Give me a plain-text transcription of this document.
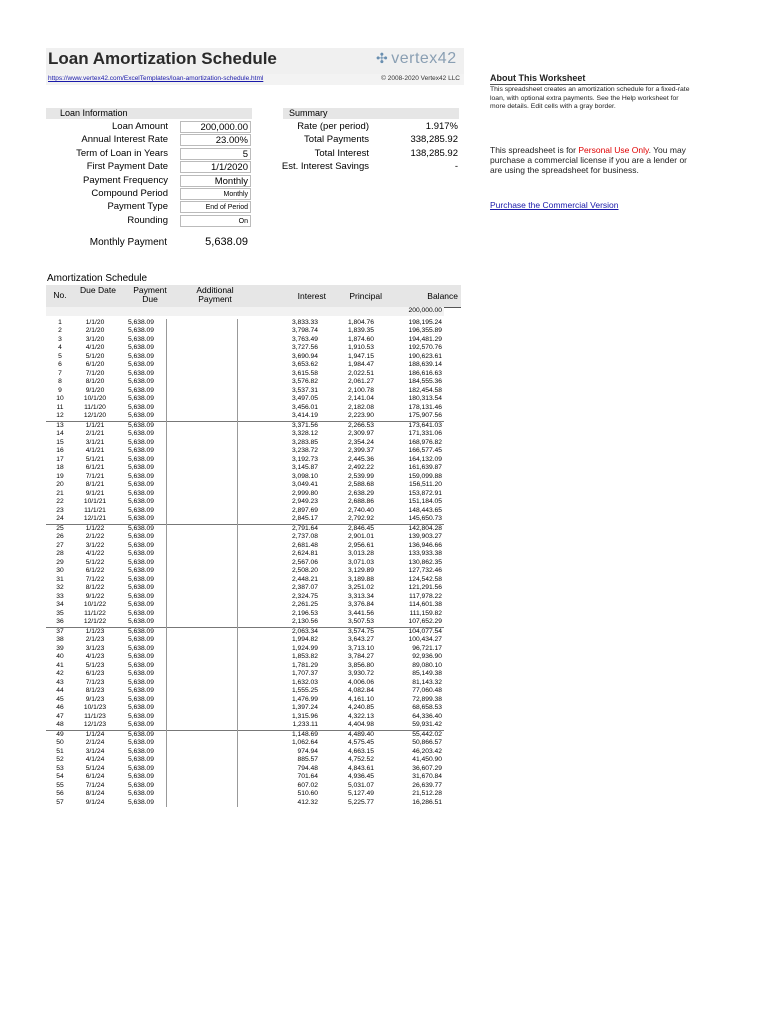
Loan Amortization Schedule	✣ vertex42
https://www.vertex42.com/ExcelTemplates/loan-amortization-schedule.html	© 2008-2020 Vertex42 LLC
Loan Information
Loan Amount	200,000.00
Annual Interest Rate	23.00%
Term of Loan in Years	5
First Payment Date	1/1/2020
Payment Frequency	Monthly
Compound Period	Monthly
Payment Type	End of Period
Rounding	On
Monthly Payment	5,638.09
Summary
Rate (per period)	1.917%
Total Payments	338,285.92
Total Interest	138,285.92
Est. Interest Savings	-
About This Worksheet
This spreadsheet creates an amortization schedule for a fixed-rate loan, with optional extra payments. See the Help worksheet for more details. Edit cells with a gray border.
This spreadsheet is for Personal Use Only. You may purchase a commercial license if you are a lender or are using the spreadsheet for business.
Purchase the Commercial Version
Amortization Schedule
No.	Due Date	Payment Due
Additional Payment	Interest	Principal	Balance
						200,000.00

1	1/1/20	5,638.09		3,833.33	1,804.76	198,195.24
2	2/1/20	5,638.09		3,798.74	1,839.35	196,355.89
3	3/1/20	5,638.09		3,763.49	1,874.60	194,481.29
4	4/1/20	5,638.09		3,727.56	1,910.53	192,570.76
5	5/1/20	5,638.09		3,690.94	1,947.15	190,623.61
6	6/1/20	5,638.09		3,653.62	1,984.47	188,639.14
7	7/1/20	5,638.09		3,615.58	2,022.51	186,616.63
8	8/1/20	5,638.09		3,576.82	2,061.27	184,555.36
9	9/1/20	5,638.09		3,537.31	2,100.78	182,454.58
10	10/1/20	5,638.09		3,497.05	2,141.04	180,313.54
11	11/1/20	5,638.09		3,456.01	2,182.08	178,131.46
12	12/1/20	5,638.09		3,414.19	2,223.90	175,907.56
13	1/1/21	5,638.09		3,371.56	2,266.53	173,641.03
14	2/1/21	5,638.09		3,328.12	2,309.97	171,331.06
15	3/1/21	5,638.09		3,283.85	2,354.24	168,976.82
16	4/1/21	5,638.09		3,238.72	2,399.37	166,577.45
17	5/1/21	5,638.09		3,192.73	2,445.36	164,132.09
18	6/1/21	5,638.09		3,145.87	2,492.22	161,639.87
19	7/1/21	5,638.09		3,098.10	2,539.99	159,099.88
20	8/1/21	5,638.09		3,049.41	2,588.68	156,511.20
21	9/1/21	5,638.09		2,999.80	2,638.29	153,872.91
22	10/1/21	5,638.09		2,949.23	2,688.86	151,184.05
23	11/1/21	5,638.09		2,897.69	2,740.40	148,443.65
24	12/1/21	5,638.09		2,845.17	2,792.92	145,650.73
25	1/1/22	5,638.09		2,791.64	2,846.45	142,804.28
26	2/1/22	5,638.09		2,737.08	2,901.01	139,903.27
27	3/1/22	5,638.09		2,681.48	2,956.61	136,946.66
28	4/1/22	5,638.09		2,624.81	3,013.28	133,933.38
29	5/1/22	5,638.09		2,567.06	3,071.03	130,862.35
30	6/1/22	5,638.09		2,508.20	3,129.89	127,732.46
31	7/1/22	5,638.09		2,448.21	3,189.88	124,542.58
32	8/1/22	5,638.09		2,387.07	3,251.02	121,291.56
33	9/1/22	5,638.09		2,324.75	3,313.34	117,978.22
34	10/1/22	5,638.09		2,261.25	3,376.84	114,601.38
35	11/1/22	5,638.09		2,196.53	3,441.56	111,159.82
36	12/1/22	5,638.09		2,130.56	3,507.53	107,652.29
37	1/1/23	5,638.09		2,063.34	3,574.75	104,077.54
38	2/1/23	5,638.09		1,994.82	3,643.27	100,434.27
39	3/1/23	5,638.09		1,924.99	3,713.10	96,721.17
40	4/1/23	5,638.09		1,853.82	3,784.27	92,936.90
41	5/1/23	5,638.09		1,781.29	3,856.80	89,080.10
42	6/1/23	5,638.09		1,707.37	3,930.72	85,149.38
43	7/1/23	5,638.09		1,632.03	4,006.06	81,143.32
44	8/1/23	5,638.09		1,555.25	4,082.84	77,060.48
45	9/1/23	5,638.09		1,476.99	4,161.10	72,899.38
46	10/1/23	5,638.09		1,397.24	4,240.85	68,658.53
47	11/1/23	5,638.09		1,315.96	4,322.13	64,336.40
48	12/1/23	5,638.09		1,233.11	4,404.98	59,931.42
49	1/1/24	5,638.09		1,148.69	4,489.40	55,442.02
50	2/1/24	5,638.09		1,062.64	4,575.45	50,866.57
51	3/1/24	5,638.09		974.94	4,663.15	46,203.42
52	4/1/24	5,638.09		885.57	4,752.52	41,450.90
53	5/1/24	5,638.09		794.48	4,843.61	36,607.29
54	6/1/24	5,638.09		701.64	4,936.45	31,670.84
55	7/1/24	5,638.09		607.02	5,031.07	26,639.77
56	8/1/24	5,638.09		510.60	5,127.49	21,512.28
57	9/1/24	5,638.09		412.32	5,225.77	16,286.51
